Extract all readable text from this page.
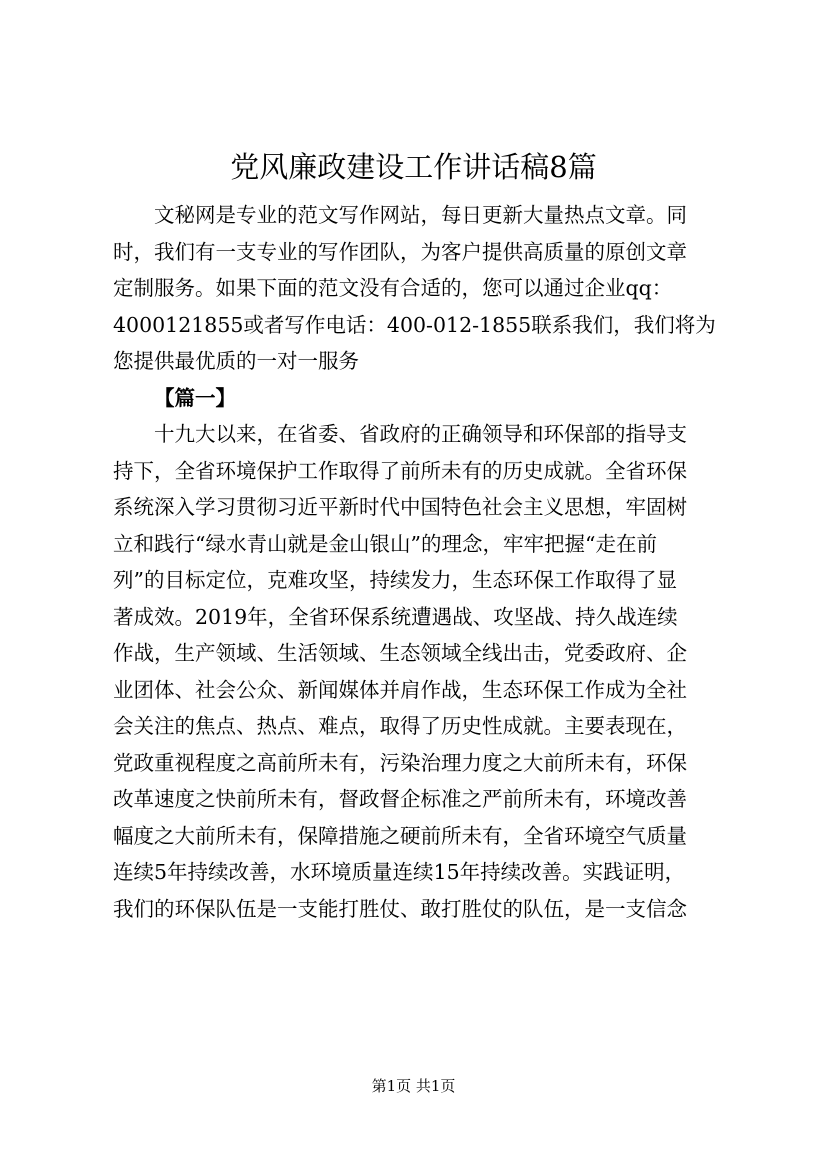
党风廉政建设工作讲话稿8篇
文秘网是专业的范文写作网站，每日更新大量热点文章。同
时，我们有一支专业的写作团队，为客户提供高质量的原创文章
定制服务。如果下面的范文没有合适的，您可以通过企业qq：
4000121855或者写作电话：400-012-1855联系我们，我们将为
您提供最优质的一对一服务
【篇一】
十九大以来，在省委、省政府的正确领导和环保部的指导支
持下，全省环境保护工作取得了前所未有的历史成就。全省环保
系统深入学习贯彻习近平新时代中国特色社会主义思想，牢固树
立和践行“绿水青山就是金山银山”的理念，牢牢把握“走在前
列”的目标定位，克难攻坚，持续发力，生态环保工作取得了显
著成效。2019年，全省环保系统遭遇战、攻坚战、持久战连续
作战，生产领域、生活领域、生态领域全线出击，党委政府、企
业团体、社会公众、新闻媒体并肩作战，生态环保工作成为全社
会关注的焦点、热点、难点，取得了历史性成就。主要表现在，
党政重视程度之高前所未有，污染治理力度之大前所未有，环保
改革速度之快前所未有，督政督企标准之严前所未有，环境改善
幅度之大前所未有，保障措施之硬前所未有，全省环境空气质量
连续5年持续改善，水环境质量连续15年持续改善。实践证明，
我们的环保队伍是一支能打胜仗、敢打胜仗的队伍，是一支信念
第1页 共1页
